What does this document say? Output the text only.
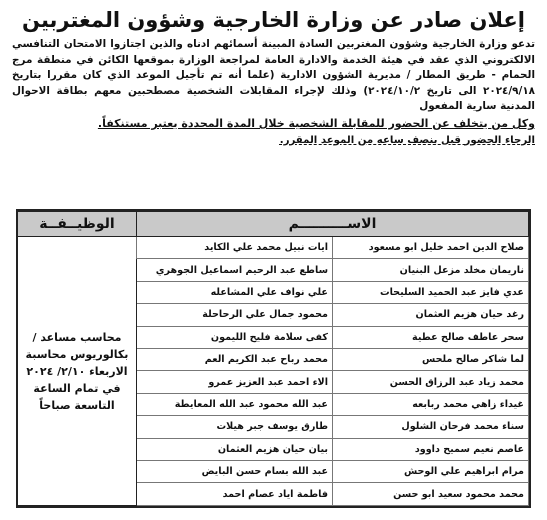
إعلان صادر عن وزارة الخارجية وشؤون المغتربين

تدعو وزارة الخارجية وشؤون المغتربين السادة المبينة أسمائهم ادناه والذين اجتازوا الامتحان التنافسي الالكتروني الذي عقد في هيئة الخدمة والادارة العامة لمراجعة الوزارة بموقعها الكائن في منطقة مرج الحمام - طريق المطار / مديرية الشؤون الادارية (علما أنه تم تأجيل الموعد الذي كان مقررا بتاريخ ٢٠٢٤/٩/١٨ الى تاريخ ٢٠٢٤/١٠/٢) وذلك لإجراء المقابلات الشخصية مصطحبين معهم بطاقة الاحوال المدنية سارية المفعول

وكل من يتخلف عن الحضور للمقابلة الشخصية خلال المدة المحددة يعتبر مستنكفاً.
الرجاء الحضور قبل بنصف ساعه من الموعد المقرر.
الاســــــــــم		الوظيــفــة
صلاح الدين احمد خليل ابو مسعود	ايات نبيل محمد علي الكايد	محاسب مساعد / بكالوريوس محاسبة الاربعاء ٢/١٠/ ٢٠٢٤ في تمام الساعة التاسعة صباحاً
ناريمان مخلد مزعل البنيان	ساطع عبد الرحيم اسماعيل الجوهري	
عدي فايز عبد الحميد السليحات	علي نواف علي المشاعله	
رغد حيان هزيم العثمان	محمود جمال علي الرحاحلة	
سحر عاطف صالح عطية	كفى سلامة فليح الليمون	
لما شاكر صالح ملحس	محمد رباح عبد الكريم العم	
محمد زياد عبد الرزاق الحسن	الاء احمد عبد العزيز عمرو	
غيداء زاهي محمد ربابعه	عبد الله محمود عبد الله المعايطة	
سناء محمد فرحان الشلول	طارق يوسف جبر هيلات	
عاصم نعيم سميح داوود	بيان حيان هزيم العثمان	
مرام ابراهيم علي الوحش	عبد الله بسام حسن البايض	
محمد محمود سعيد ابو حسن	فاطمة اياد عصام احمد	
